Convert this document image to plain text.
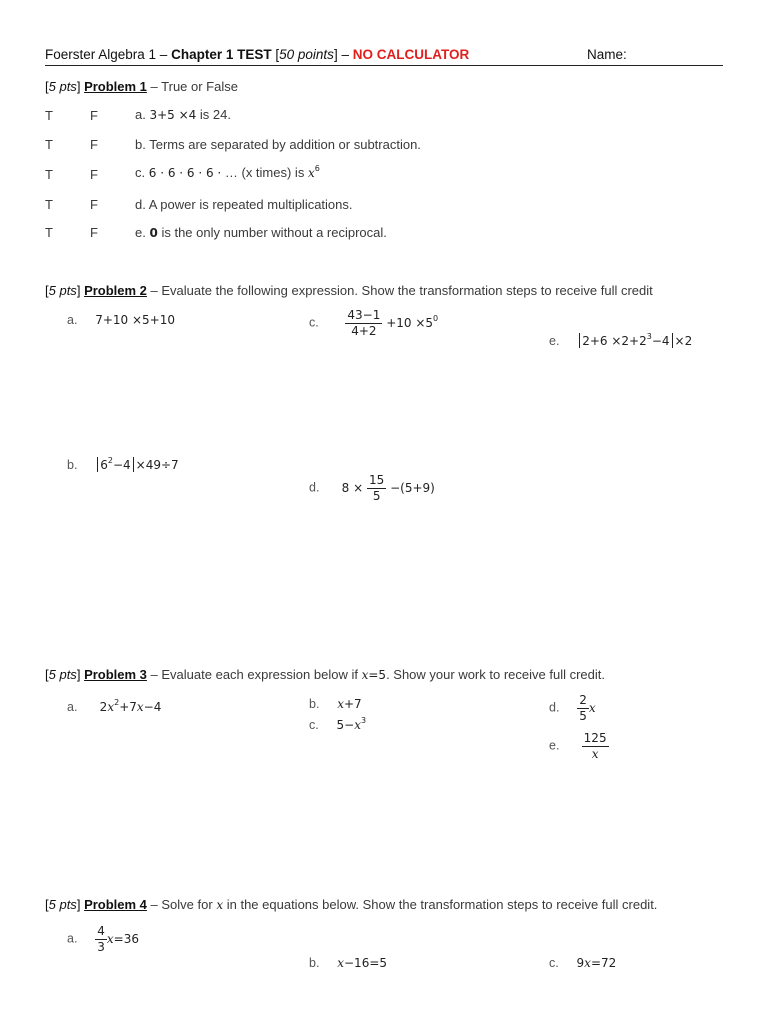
Foerster Algebra 1 – Chapter 1 TEST [50 points] – NO CALCULATOR	Name:
[5 pts] Problem 1 – True or False
T	F	a. 3+5 ×4 is 24.
T	F	b. Terms are separated by addition or subtraction.
T	F	c. 6 · 6 · 6 · 6 · … (x times) is $x^6$
T	F	d. A power is repeated multiplications.
T	F	e. 0 is the only number without a reciprocal.
[5 pts] Problem 2 – Evaluate the following expression. Show the transformation steps to receive full credit
a. 7+10 ×5+10	c. $\frac{43-1}{4+2} +10 \times 5^0$
e. $2+6 \times 2+2^3-4 \times 2$
b. $6^2-4 \times 49\div 7$
d. $8 \times \frac{15}{5} -(5+9)$
[5 pts] Problem 3 – Evaluate each expression below if x=5. Show your work to receive full credit.
a. $2x^2+7x-4$	b. x+7
c. $5-x^3$
d. $\frac{2}{5}$ x
e. $\frac{125}{x}$
[5 pts] Problem 4 – Solve for x in the equations below. Show the transformation steps to receive full credit.
a. $\frac{4}{3} x=36$
b. x−16=5	c. 9x=72
